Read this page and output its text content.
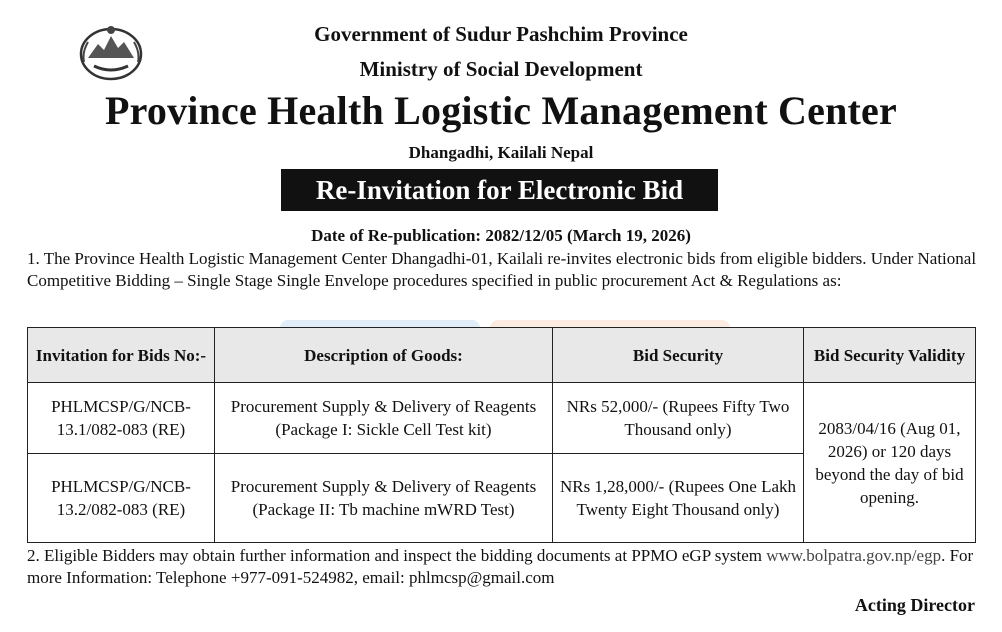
Government of Sudur Pashchim Province

Ministry of Social Development

Province Health Logistic Management Center

Dhangadhi, Kailali Nepal

Re-Invitation for Electronic Bid

Date of Re-publication: 2082/12/05 (March 19, 2026)

1. The Province Health Logistic Management Center Dhangadhi-01, Kailali re-invites electronic bids from eligible bidders. Under National Competitive Bidding – Single Stage Single Envelope procedures specified in public procurement Act & Regulations as:

Invitation for Bids No:-	Description of Goods:	Bid Security	Bid Security Validity
PHLMCSP/G/NCB-13.1/082-083 (RE)	Procurement Supply & Delivery of Reagents (Package I: Sickle Cell Test kit)	NRs 52,000/- (Rupees Fifty Two Thousand only)	2083/04/16 (Aug 01, 2026) or 120 days beyond the day of bid opening.
PHLMCSP/G/NCB-13.2/082-083 (RE)	Procurement Supply & Delivery of Reagents (Package II: Tb machine mWRD Test)	NRs 1,28,000/- (Rupees One Lakh Twenty Eight Thousand only)	

2. Eligible Bidders may obtain further information and inspect the bidding documents at PPMO eGP system www.bolpatra.gov.np/egp. For more Information: Telephone +977-091-524982, email: phlmcsp@gmail.com

Acting Director
